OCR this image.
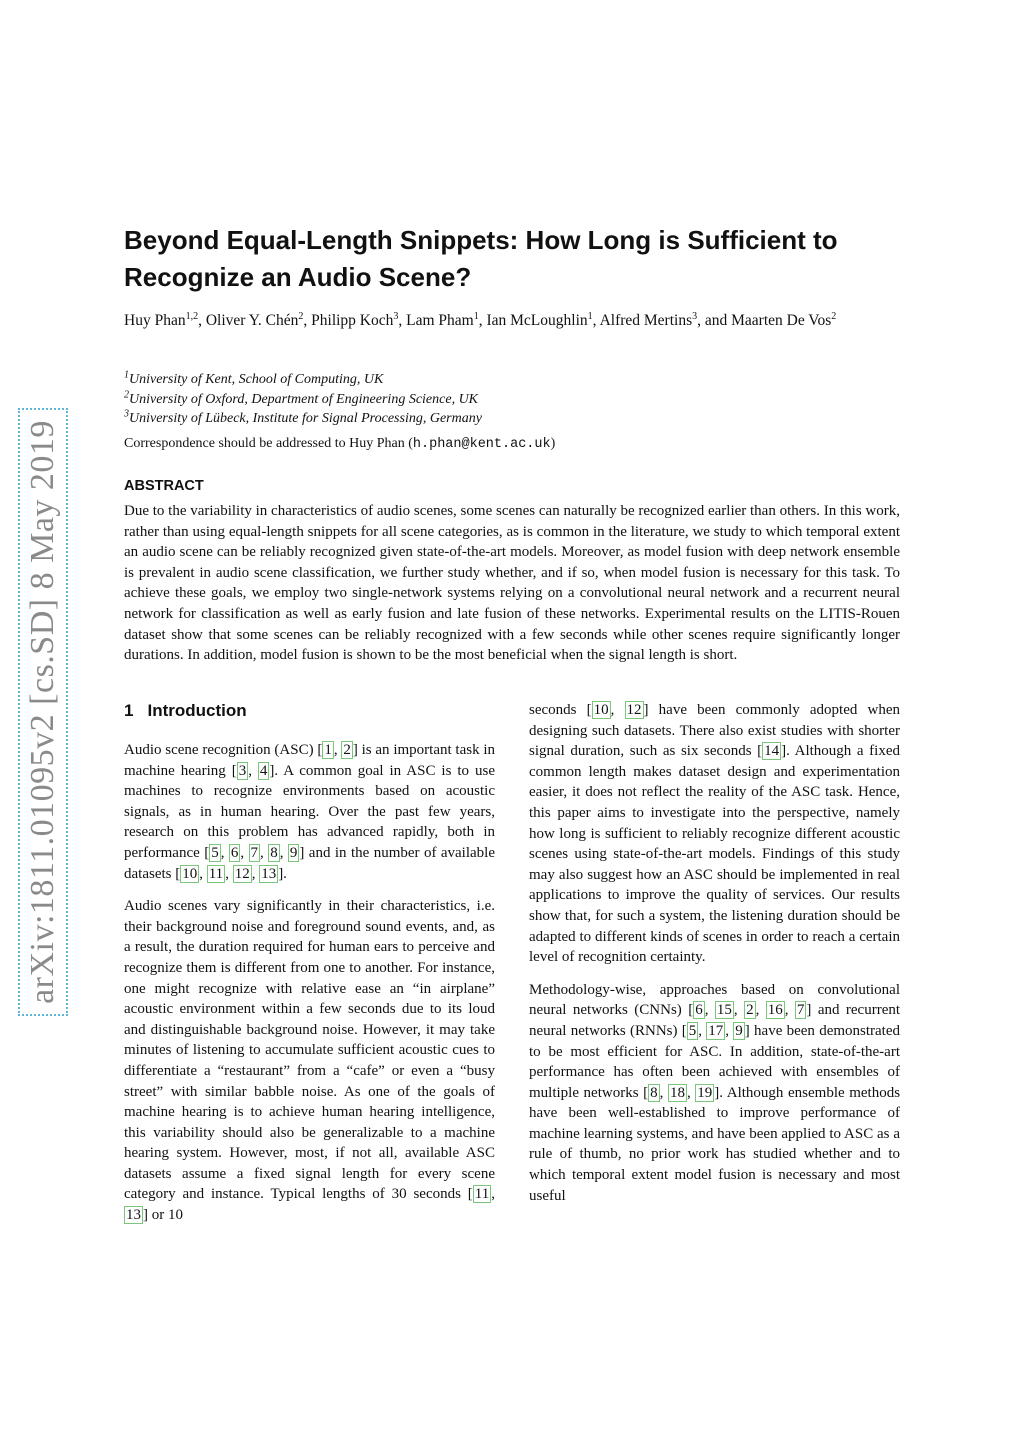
arXiv:1811.01095v2 [cs.SD] 8 May 2019
Beyond Equal-Length Snippets: How Long is Sufficient to Recognize an Audio Scene?
Huy Phan$^{1,2}$, Oliver Y. Chén$^2$, Philipp Koch$^3$, Lam Pham$^1$, Ian McLoughlin$^1$, Alfred Mertins$^3$, and Maarten De Vos$^2$
$^1$University of Kent, School of Computing, UK
$^2$University of Oxford, Department of Engineering Science, UK
$^3$University of Lübeck, Institute for Signal Processing, Germany
Correspondence should be addressed to Huy Phan (h.phan@kent.ac.uk)
ABSTRACT

Due to the variability in characteristics of audio scenes, some scenes can naturally be recognized earlier than others. In this work, rather than using equal-length snippets for all scene categories, as is common in the literature, we study to which temporal extent an audio scene can be reliably recognized given state-of-the-art models. Moreover, as model fusion with deep network ensemble is prevalent in audio scene classification, we further study whether, and if so, when model fusion is necessary for this task. To achieve these goals, we employ two single-network systems relying on a convolutional neural network and a recurrent neural network for classification as well as early fusion and late fusion of these networks. Experimental results on the LITIS-Rouen dataset show that some scenes can be reliably recognized with a few seconds while other scenes require significantly longer durations. In addition, model fusion is shown to be the most beneficial when the signal length is short.

1 Introduction

Audio scene recognition (ASC) [ 1 , 2 ] is an important task in machine hearing [ 3 , 4 ]. A common goal in ASC is to use machines to recognize environments based on acoustic signals, as in human hearing. Over the past few years, research on this problem has advanced rapidly, both in performance [ 5 , 6 , 7 , 8 , 9 ] and in the number of available datasets [ 10 , 11 , 12 , 13 ].

Audio scenes vary significantly in their characteristics, i.e. their background noise and foreground sound events, and, as a result, the duration required for human ears to perceive and recognize them is different from one to another. For instance, one might recognize with relative ease an “in airplane” acoustic environment within a few seconds due to its loud and distinguishable background noise. However, it may take minutes of listening to accumulate sufficient acoustic cues to differentiate a “restaurant” from a “cafe” or even a “busy street” with similar babble noise. As one of the goals of machine hearing is to achieve human hearing intelligence, this variability should also be generalizable to a machine hearing system. However, most, if not all, available ASC datasets assume a fixed signal length for every scene category and instance. Typical lengths of 30 seconds [ 11 , 13 ] or 10

seconds [ 10 , 12 ] have been commonly adopted when designing such datasets. There also exist studies with shorter signal duration, such as six seconds [ 14 ]. Although a fixed common length makes dataset design and experimentation easier, it does not reflect the reality of the ASC task. Hence, this paper aims to investigate into the perspective, namely how long is sufficient to reliably recognize different acoustic scenes using state-of-the-art models. Findings of this study may also suggest how an ASC should be implemented in real applications to improve the quality of services. Our results show that, for such a system, the listening duration should be adapted to different kinds of scenes in order to reach a certain level of recognition certainty.

Methodology-wise, approaches based on convolutional neural networks (CNNs) [ 6 , 15 , 2 , 16 , 7 ] and recurrent neural networks (RNNs) [ 5 , 17 , 9 ] have been demonstrated to be most efficient for ASC. In addition, state-of-the-art performance has often been achieved with ensembles of multiple networks [ 8 , 18 , 19 ]. Although ensemble methods have been well-established to improve performance of machine learning systems, and have been applied to ASC as a rule of thumb, no prior work has studied whether and to which temporal extent model fusion is necessary and most useful
